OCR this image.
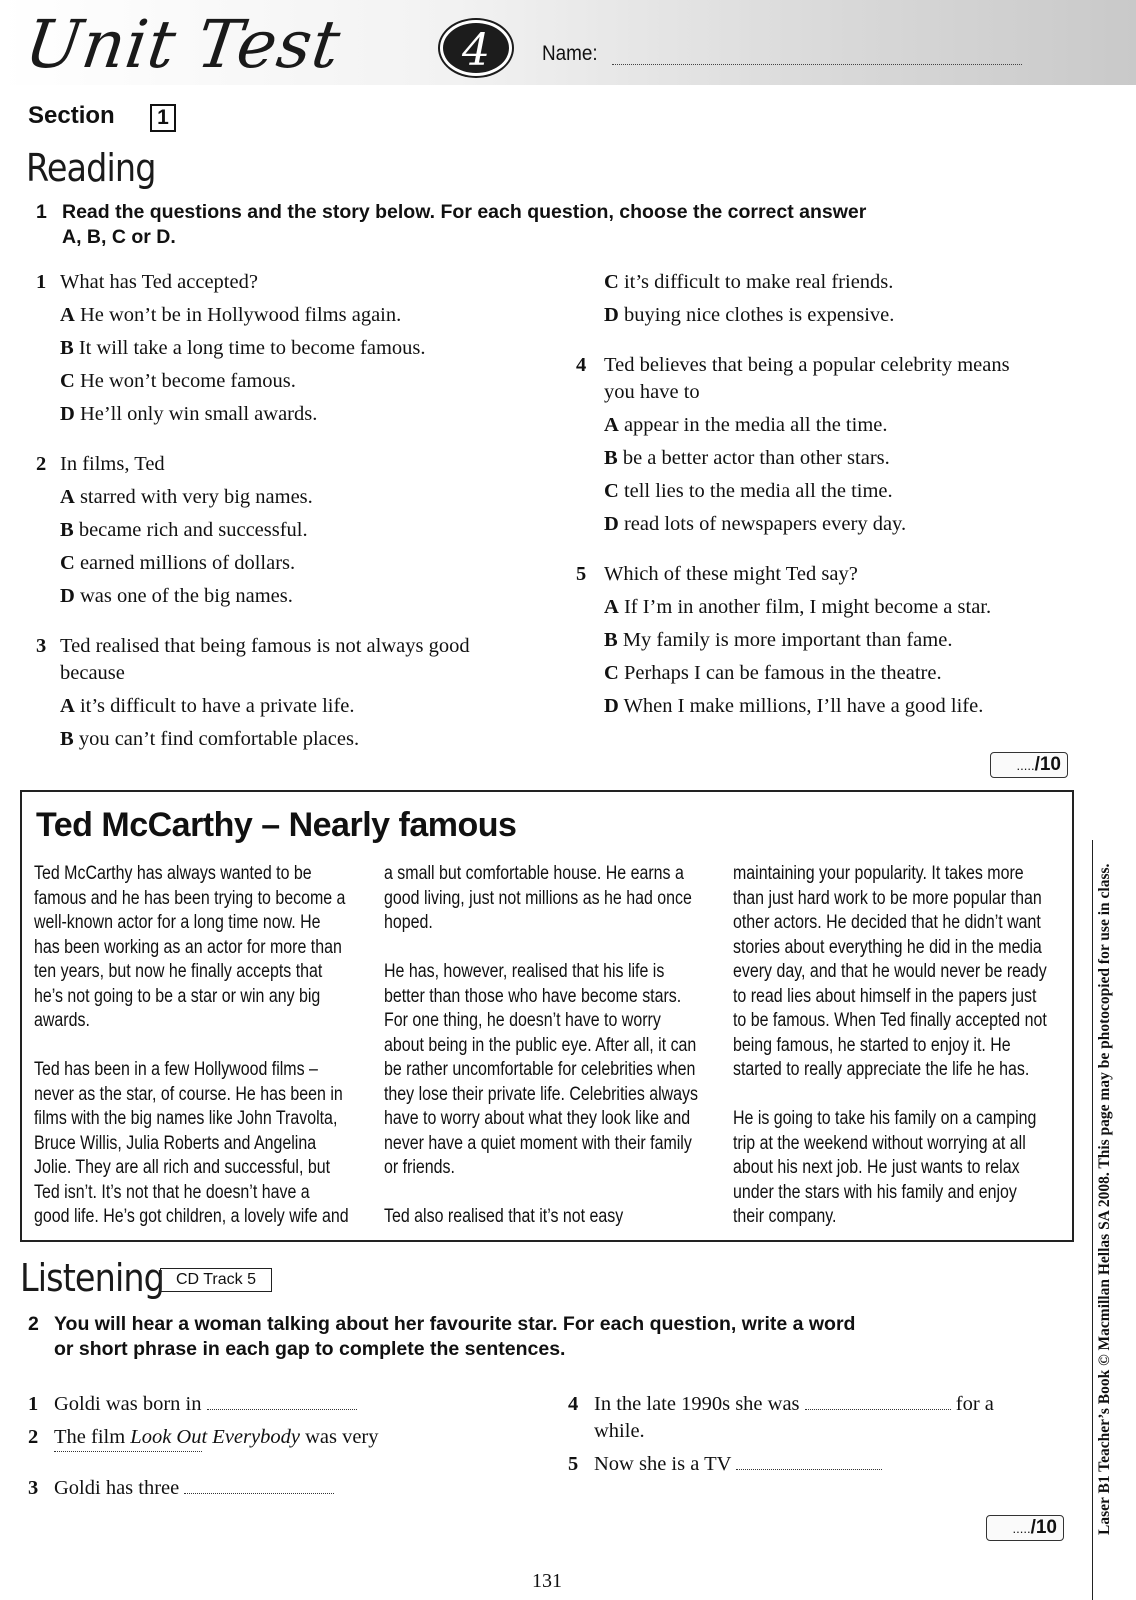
Unit Test	4	Name:
Section	1
Reading
1 Read the questions and the story below. For each question, choose the correct answer
A, B, C or D.
1 What has Ted accepted?
A He won’t be in Hollywood films again.
B It will take a long time to become famous.
C He won’t become famous.
D He’ll only win small awards.
2 In films, Ted
A starred with very big names.
B became rich and successful.
C earned millions of dollars.
D was one of the big names.
3 Ted realised that being famous is not always good
because
A it’s difficult to have a private life.
B you can’t find comfortable places.
C it’s difficult to make real friends.
D buying nice clothes is expensive.
4 Ted believes that being a popular celebrity means
you have to
A appear in the media all the time.
B be a better actor than other stars.
C tell lies to the media all the time.
D read lots of newspapers every day.
5 Which of these might Ted say?
A If I’m in another film, I might become a star.
B My family is more important than fame.
C Perhaps I can be famous in the theatre.
D When I make millions, I’ll have a good life.
...../10
Ted McCarthy – Nearly famous

Ted McCarthy has always wanted to be

famous and he has been trying to become a

well-known actor for a long time now. He

has been working as an actor for more than

ten years, but now he finally accepts that

he’s not going to be a star or win any big

awards.

Ted has been in a few Hollywood films –

never as the star, of course. He has been in

films with the big names like John Travolta,

Bruce Willis, Julia Roberts and Angelina

Jolie. They are all rich and successful, but

Ted isn’t. It’s not that he doesn’t have a

good life. He’s got children, a lovely wife and

a small but comfortable house. He earns a

good living, just not millions as he had once

hoped.

He has, however, realised that his life is

better than those who have become stars.

For one thing, he doesn’t have to worry

about being in the public eye. After all, it can

be rather uncomfortable for celebrities when

they lose their private life. Celebrities always

have to worry about what they look like and

never have a quiet moment with their family

or friends.

Ted also realised that it’s not easy

maintaining your popularity. It takes more

than just hard work to be more popular than

other actors. He decided that he didn’t want

stories about everything he did in the media

every day, and that he would never be ready

to read lies about himself in the papers just

to be famous. When Ted finally accepted not

being famous, he started to enjoy it. He

started to really appreciate the life he has.

He is going to take his family on a camping

trip at the weekend without worrying at all

about his next job. He just wants to relax

under the stars with his family and enjoy

their company.

Listening CD Track 5
2 You will hear a woman talking about her favourite star. For each question, write a word
or short phrase in each gap to complete the sentences.
1 Goldi was born in
2 The film Look Out Everybody was very
3 Goldi has three
4 In the late 1990s she was	for a
while.
5 Now she is a TV
...../10	Laser B1 Teacher’s Book © Macmillan Hellas SA 2008. This page may be photocopied for use in class.
131
